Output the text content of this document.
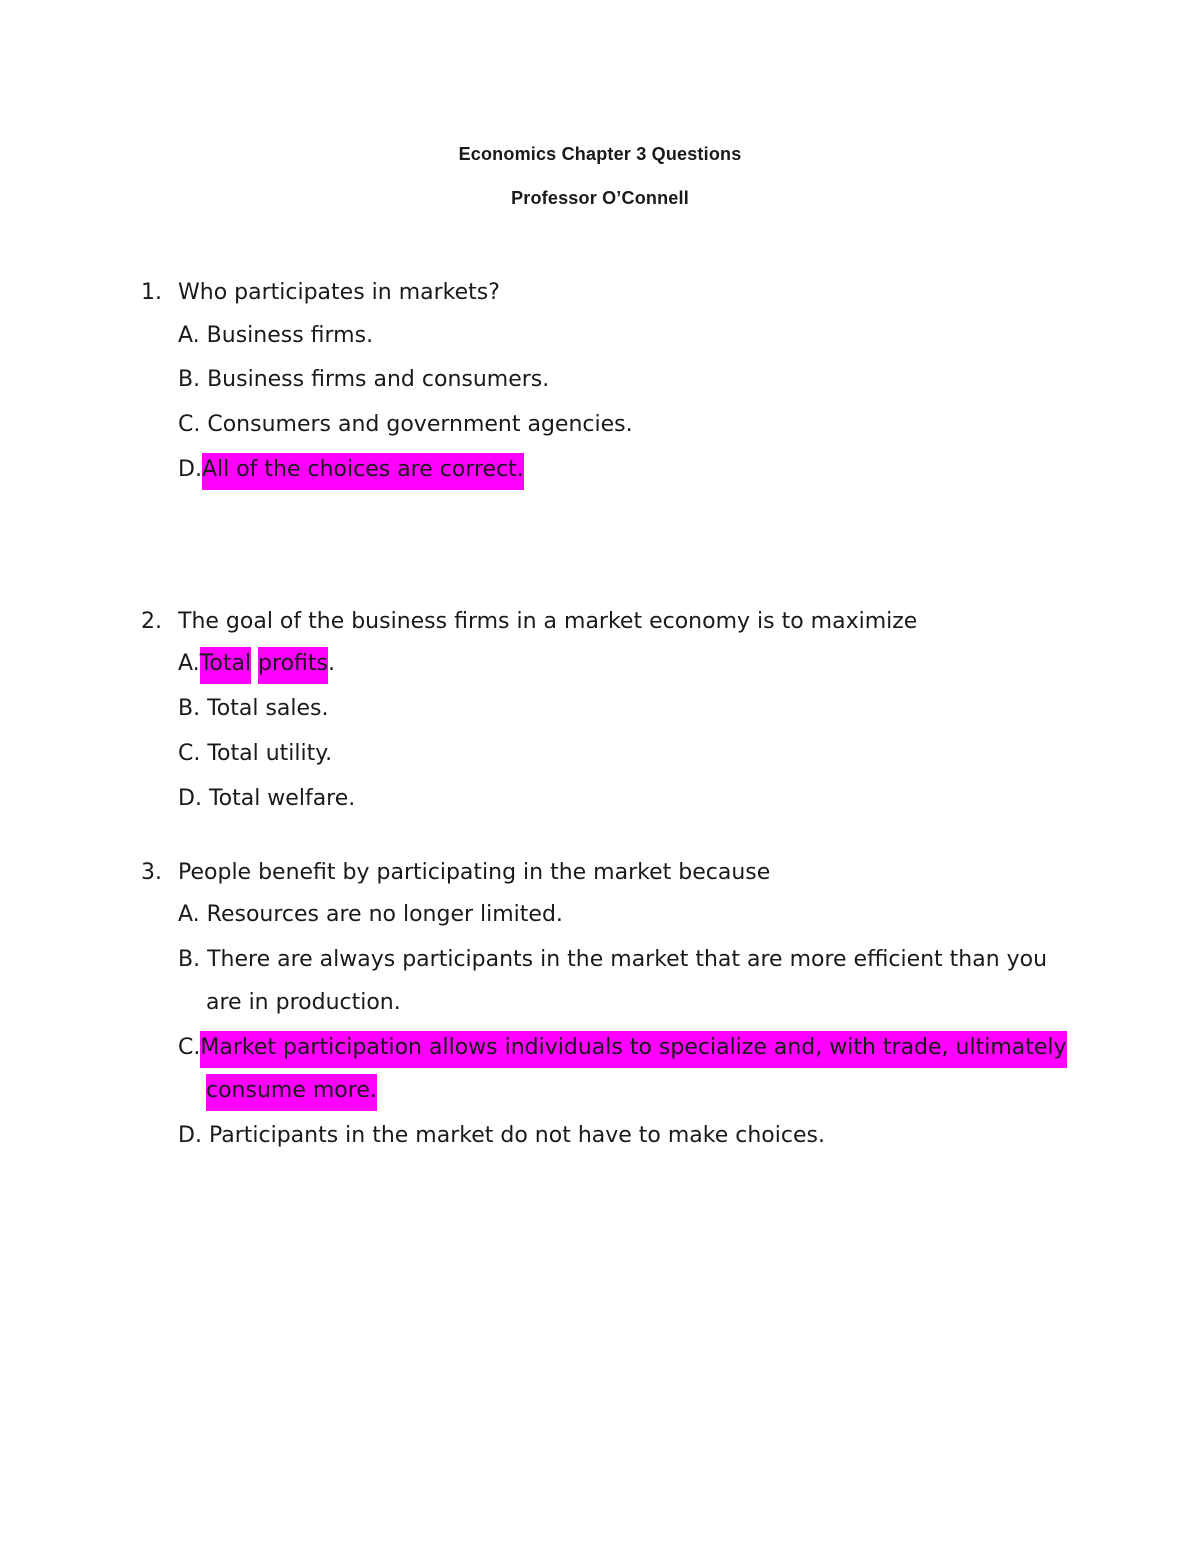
Economics Chapter 3 Questions
Professor O’Connell
1. Who participates in markets?
A. Business firms.
B. Business firms and consumers.
C. Consumers and government agencies.
D.All of the choices are correct.
2. The goal of the business firms in a market economy is to maximize
A.Total profits.
B. Total sales.
C. Total utility.
D. Total welfare.
3. People benefit by participating in the market because
A. Resources are no longer limited.
B. There are always participants in the market that are more efficient than you
are in production.
C.Market participation allows individuals to specialize and, with trade, ultimately
consume more.
D. Participants in the market do not have to make choices.
